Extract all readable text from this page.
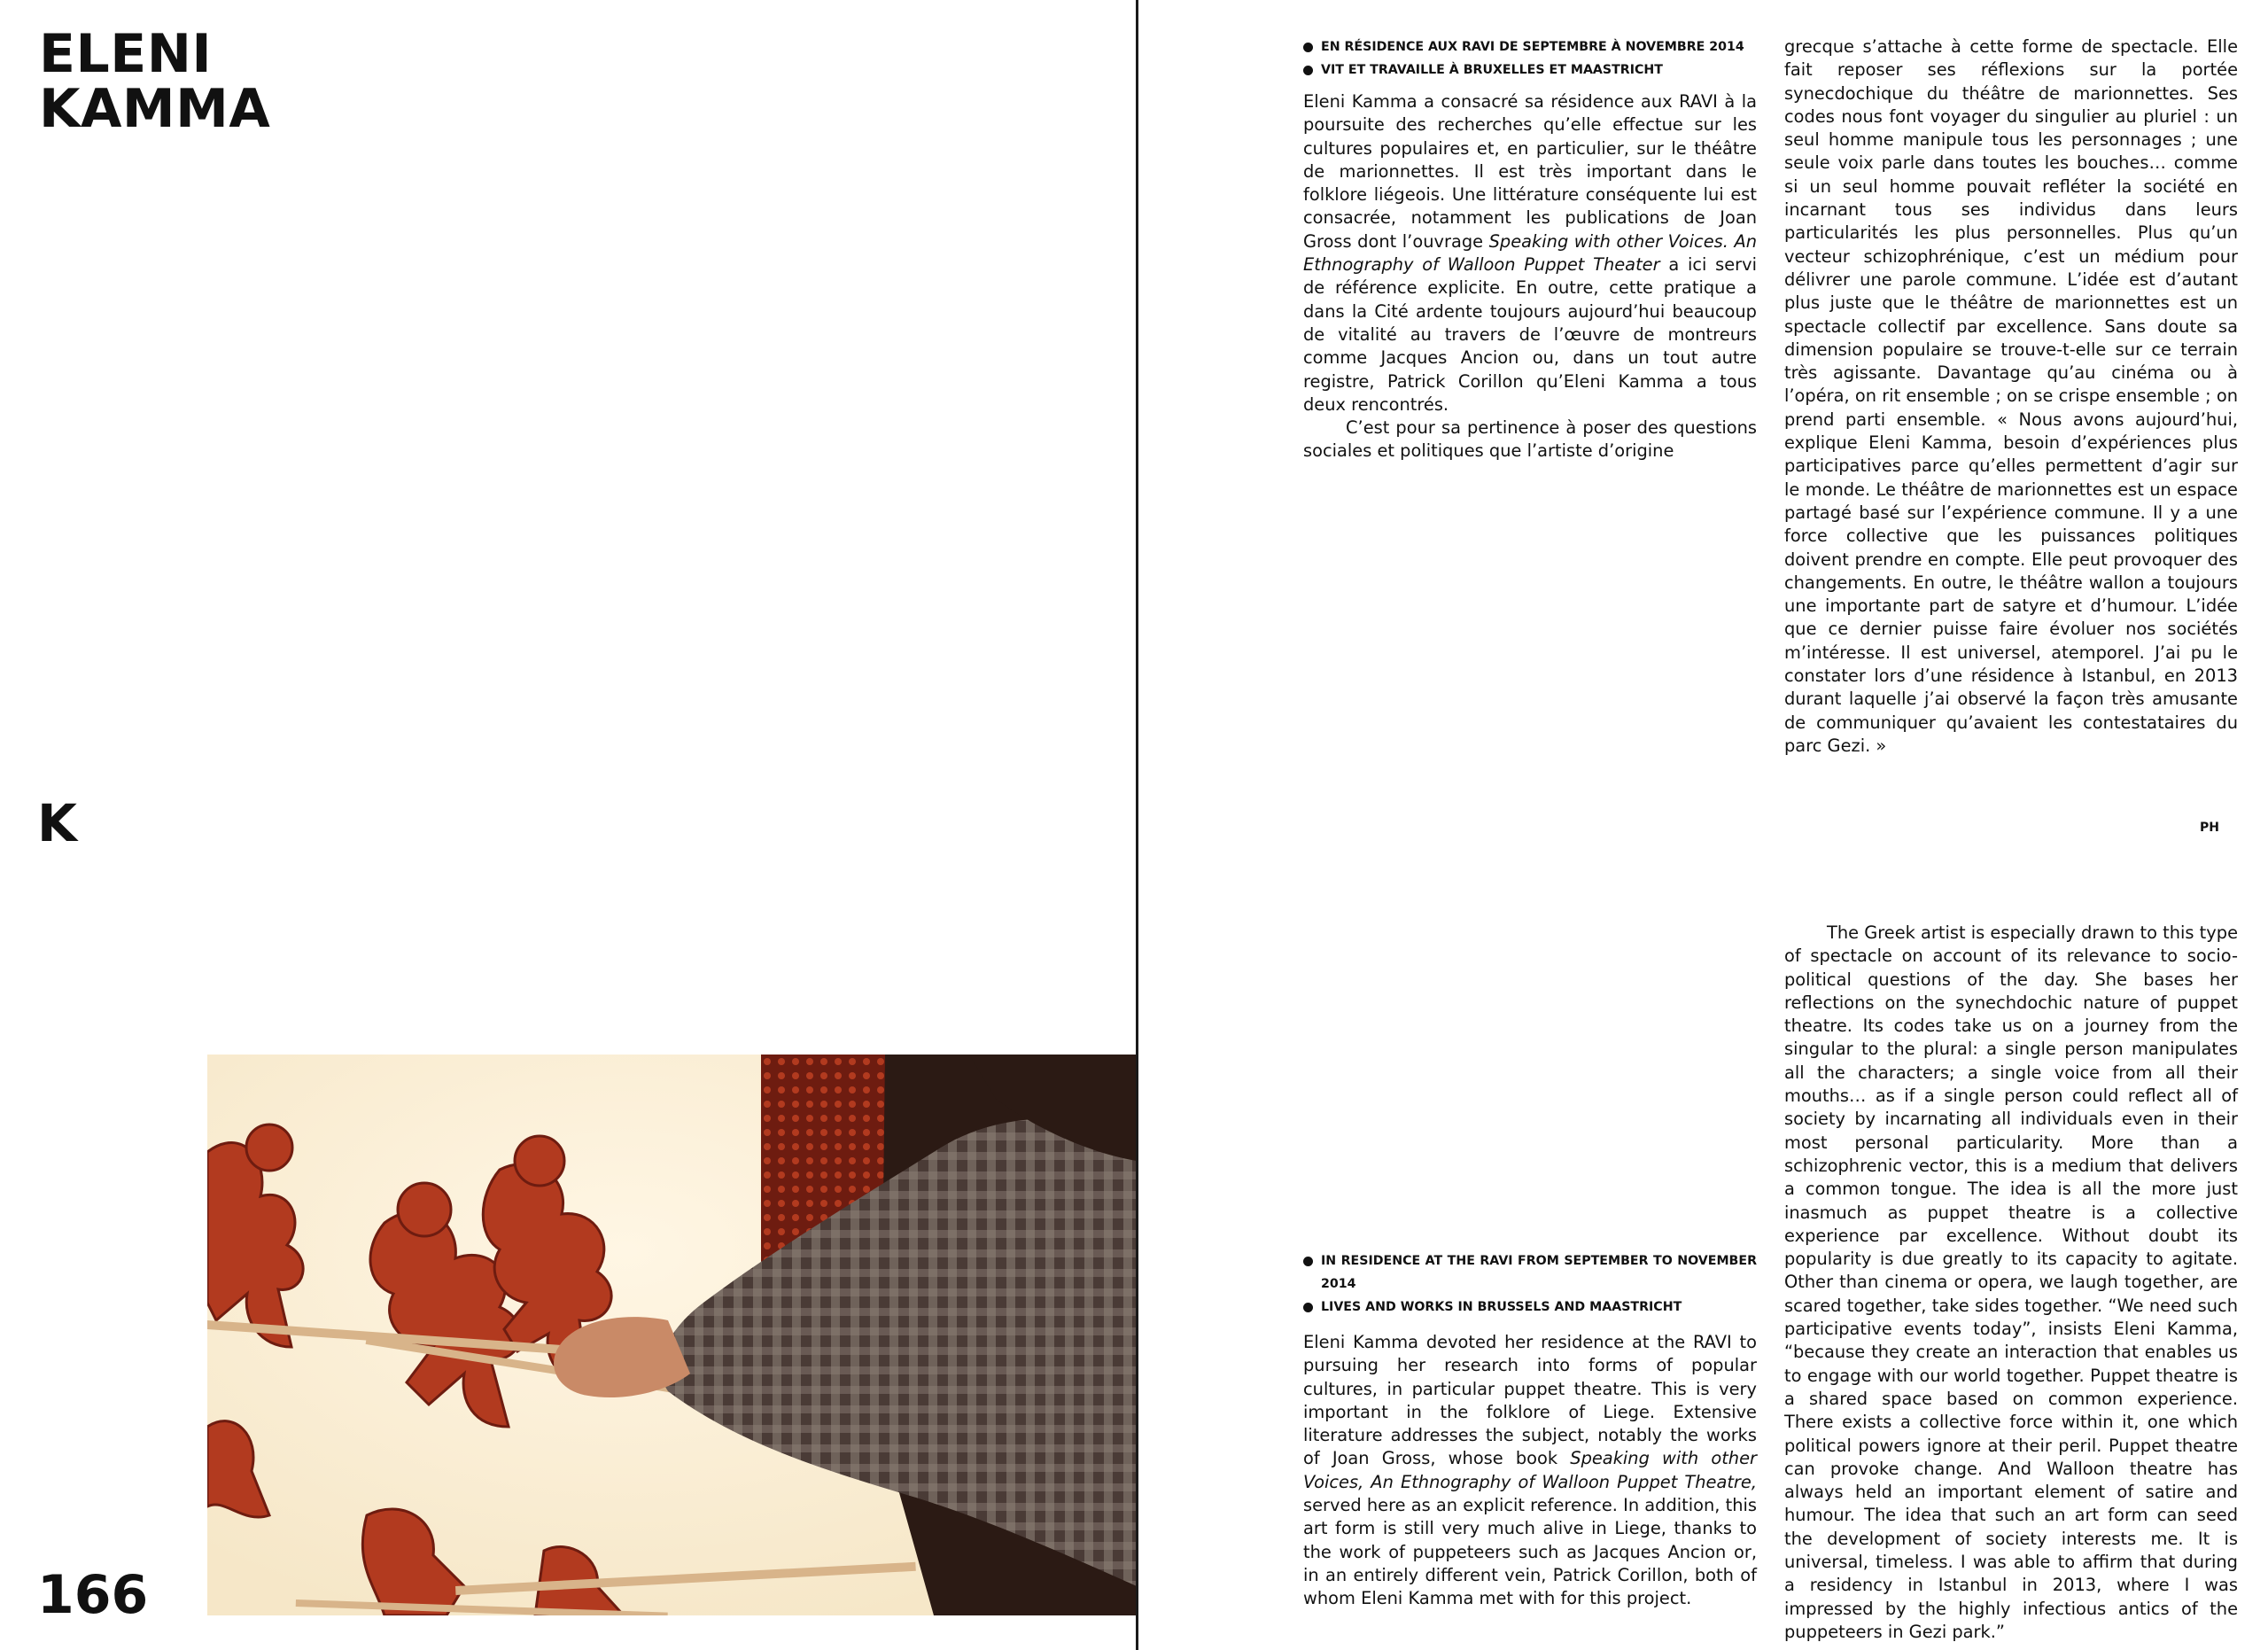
ELENI
KAMMA
K
166
EN RÉSIDENCE AUX RAVI DE SEPTEMBRE À NOVEMBRE 2014
VIT ET TRAVAILLE À BRUXELLES ET MAASTRICHT

Eleni Kamma a consacré sa résidence aux RAVI à la poursuite des recherches qu’elle effectue sur les cultures populaires et, en particulier, sur le théâtre de marionnettes. Il est très important dans le folklore liégeois. Une littérature conséquente lui est consacrée, notamment les publications de Joan Gross dont l’ouvrage Speaking with other Voices. An Ethnography of Walloon Puppet Theater a ici servi de référence explicite. En outre, cette pratique a dans la Cité ardente toujours aujourd’hui beaucoup de vitalité au travers de l’œuvre de montreurs comme Jacques Ancion ou, dans un tout autre registre, Patrick Corillon qu’Eleni Kamma a tous deux rencontrés.

C’est pour sa pertinence à poser des questions sociales et politiques que l’artiste d’origine

grecque s’attache à cette forme de spectacle. Elle fait reposer ses réflexions sur la portée synecdochique du théâtre de marionnettes. Ses codes nous font voyager du singulier au pluriel : un seul homme manipule tous les personnages ; une seule voix parle dans toutes les bouches… comme si un seul homme pouvait refléter la société en incarnant tous ses individus dans leurs particularités les plus personnelles. Plus qu’un vecteur schizophrénique, c’est un médium pour délivrer une parole commune. L’idée est d’autant plus juste que le théâtre de marionnettes est un spectacle collectif par excellence. Sans doute sa dimension populaire se trouve-t-elle sur ce terrain très agissante. Davantage qu’au cinéma ou à l’opéra, on rit ensemble ; on se crispe ensemble ; on prend parti ensemble. « Nous avons aujourd’hui, explique Eleni Kamma, besoin d’expériences plus participatives parce qu’elles permettent d’agir sur le monde. Le théâtre de marionnettes est un espace partagé basé sur l’expérience commune. Il y a une force collective que les puissances politiques doivent prendre en compte. Elle peut provoquer des changements. En outre, le théâtre wallon a toujours une importante part de satyre et d’humour. L’idée que ce dernier puisse faire évoluer nos sociétés m’intéresse. Il est universel, atemporel. J’ai pu le constater lors d’une résidence à Istanbul, en 2013 durant laquelle j’ai observé la façon très amusante de communiquer qu’avaient les contestataires du parc Gezi. »

PH
IN RESIDENCE AT THE RAVI FROM SEPTEMBER TO NOVEMBER 2014
LIVES AND WORKS IN BRUSSELS AND MAASTRICHT

Eleni Kamma devoted her residence at the RAVI to pursuing her research into forms of popular cultures, in particular puppet theatre. This is very important in the folklore of Liege. Extensive literature addresses the subject, notably the works of Joan Gross, whose book Speaking with other Voices, An Ethnography of Walloon Puppet Theatre, served here as an explicit reference. In addition, this art form is still very much alive in Liege, thanks to the work of puppeteers such as Jacques Ancion or, in an entirely different vein, Patrick Corillon, both of whom Eleni Kamma met with for this project.

The Greek artist is especially drawn to this type of spectacle on account of its relevance to socio-political questions of the day. She bases her reflections on the synechdochic nature of puppet theatre. Its codes take us on a journey from the singular to the plural: a single person manipulates all the characters; a single voice from all their mouths… as if a single person could reflect all of society by incarnating all individuals even in their most personal particularity. More than a schizophrenic vector, this is a medium that delivers a common tongue. The idea is all the more just inasmuch as puppet theatre is a collective experience par excellence. Without doubt its popularity is due greatly to its capacity to agitate. Other than cinema or opera, we laugh together, are scared together, take sides together. “We need such participative events today”, insists Eleni Kamma, “because they create an interaction that enables us to engage with our world together. Puppet theatre is a shared space based on common experience. There exists a collective force within it, one which political powers ignore at their peril. Puppet theatre can provoke change. And Walloon theatre has always held an important element of satire and humour. The idea that such an art form can seed the development of society interests me. It is universal, timeless. I was able to affirm that during a residency in Istanbul in 2013, where I was impressed by the highly infectious antics of the puppeteers in Gezi park.”
